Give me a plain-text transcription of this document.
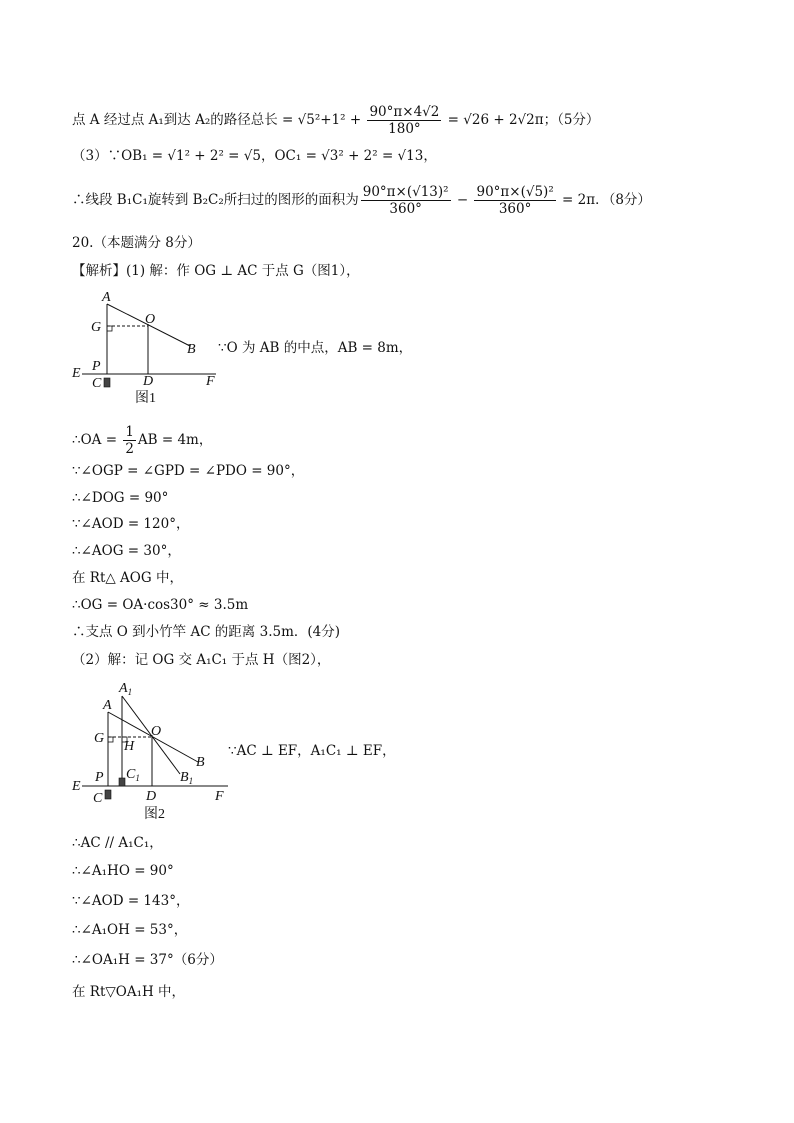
点 A 经过点 A₁到达 A₂的路径总长 = $√5^2+1^2 + \frac{90^\circ\pi\times 4√2}{180^\circ} = √26 + 2√2\pi$；（5分）
（3）∵OB₁ = √1² + 2² = √5，OC₁ = √3² + 2² = √13，
∴线段 B₁C₁旋转到 B₂C₂所扫过的图形的面积为 $\frac{\text{90°π×(√13)²}}{360^\circ} - \frac{\text{90°π×(√5)²}}{360^\circ} = 2\pi$．（8分）
20.（本题满分 8分）
【解析】(1) 解：作 OG ⊥ AC 于点 G（图1），
A
G
O
B
P
E
C	D	F
图1
∵O 为 AB 的中点，AB = 8m，
∴OA = $\frac{1}{2}$ AB = 4m，
∵∠OGP = ∠GPD = ∠PDO = 90°，
∴∠DOG = 90°
∵∠AOD = 120°，
∴∠AOG = 30°，
在 Rt△ AOG 中，
∴OG = OA·cos30° ≈ 3.5m
∴支点 O 到小竹竿 AC 的距离 3.5m．(4分)
（2）解：记 OG 交 A₁C₁ 于点 H（图2），
$A_1$
A
O
G
H
B
$B_1$
P $C_1$
E
C	D	F
图2
∵AC ⊥ EF，A₁C₁ ⊥ EF，
∴AC // A₁C₁，
∴∠A₁HO = 90°
∵∠AOD = 143°，
∴∠A₁OH = 53°，
∴∠OA₁H = 37°（6分）
在 Rt▽OA₁H 中，
